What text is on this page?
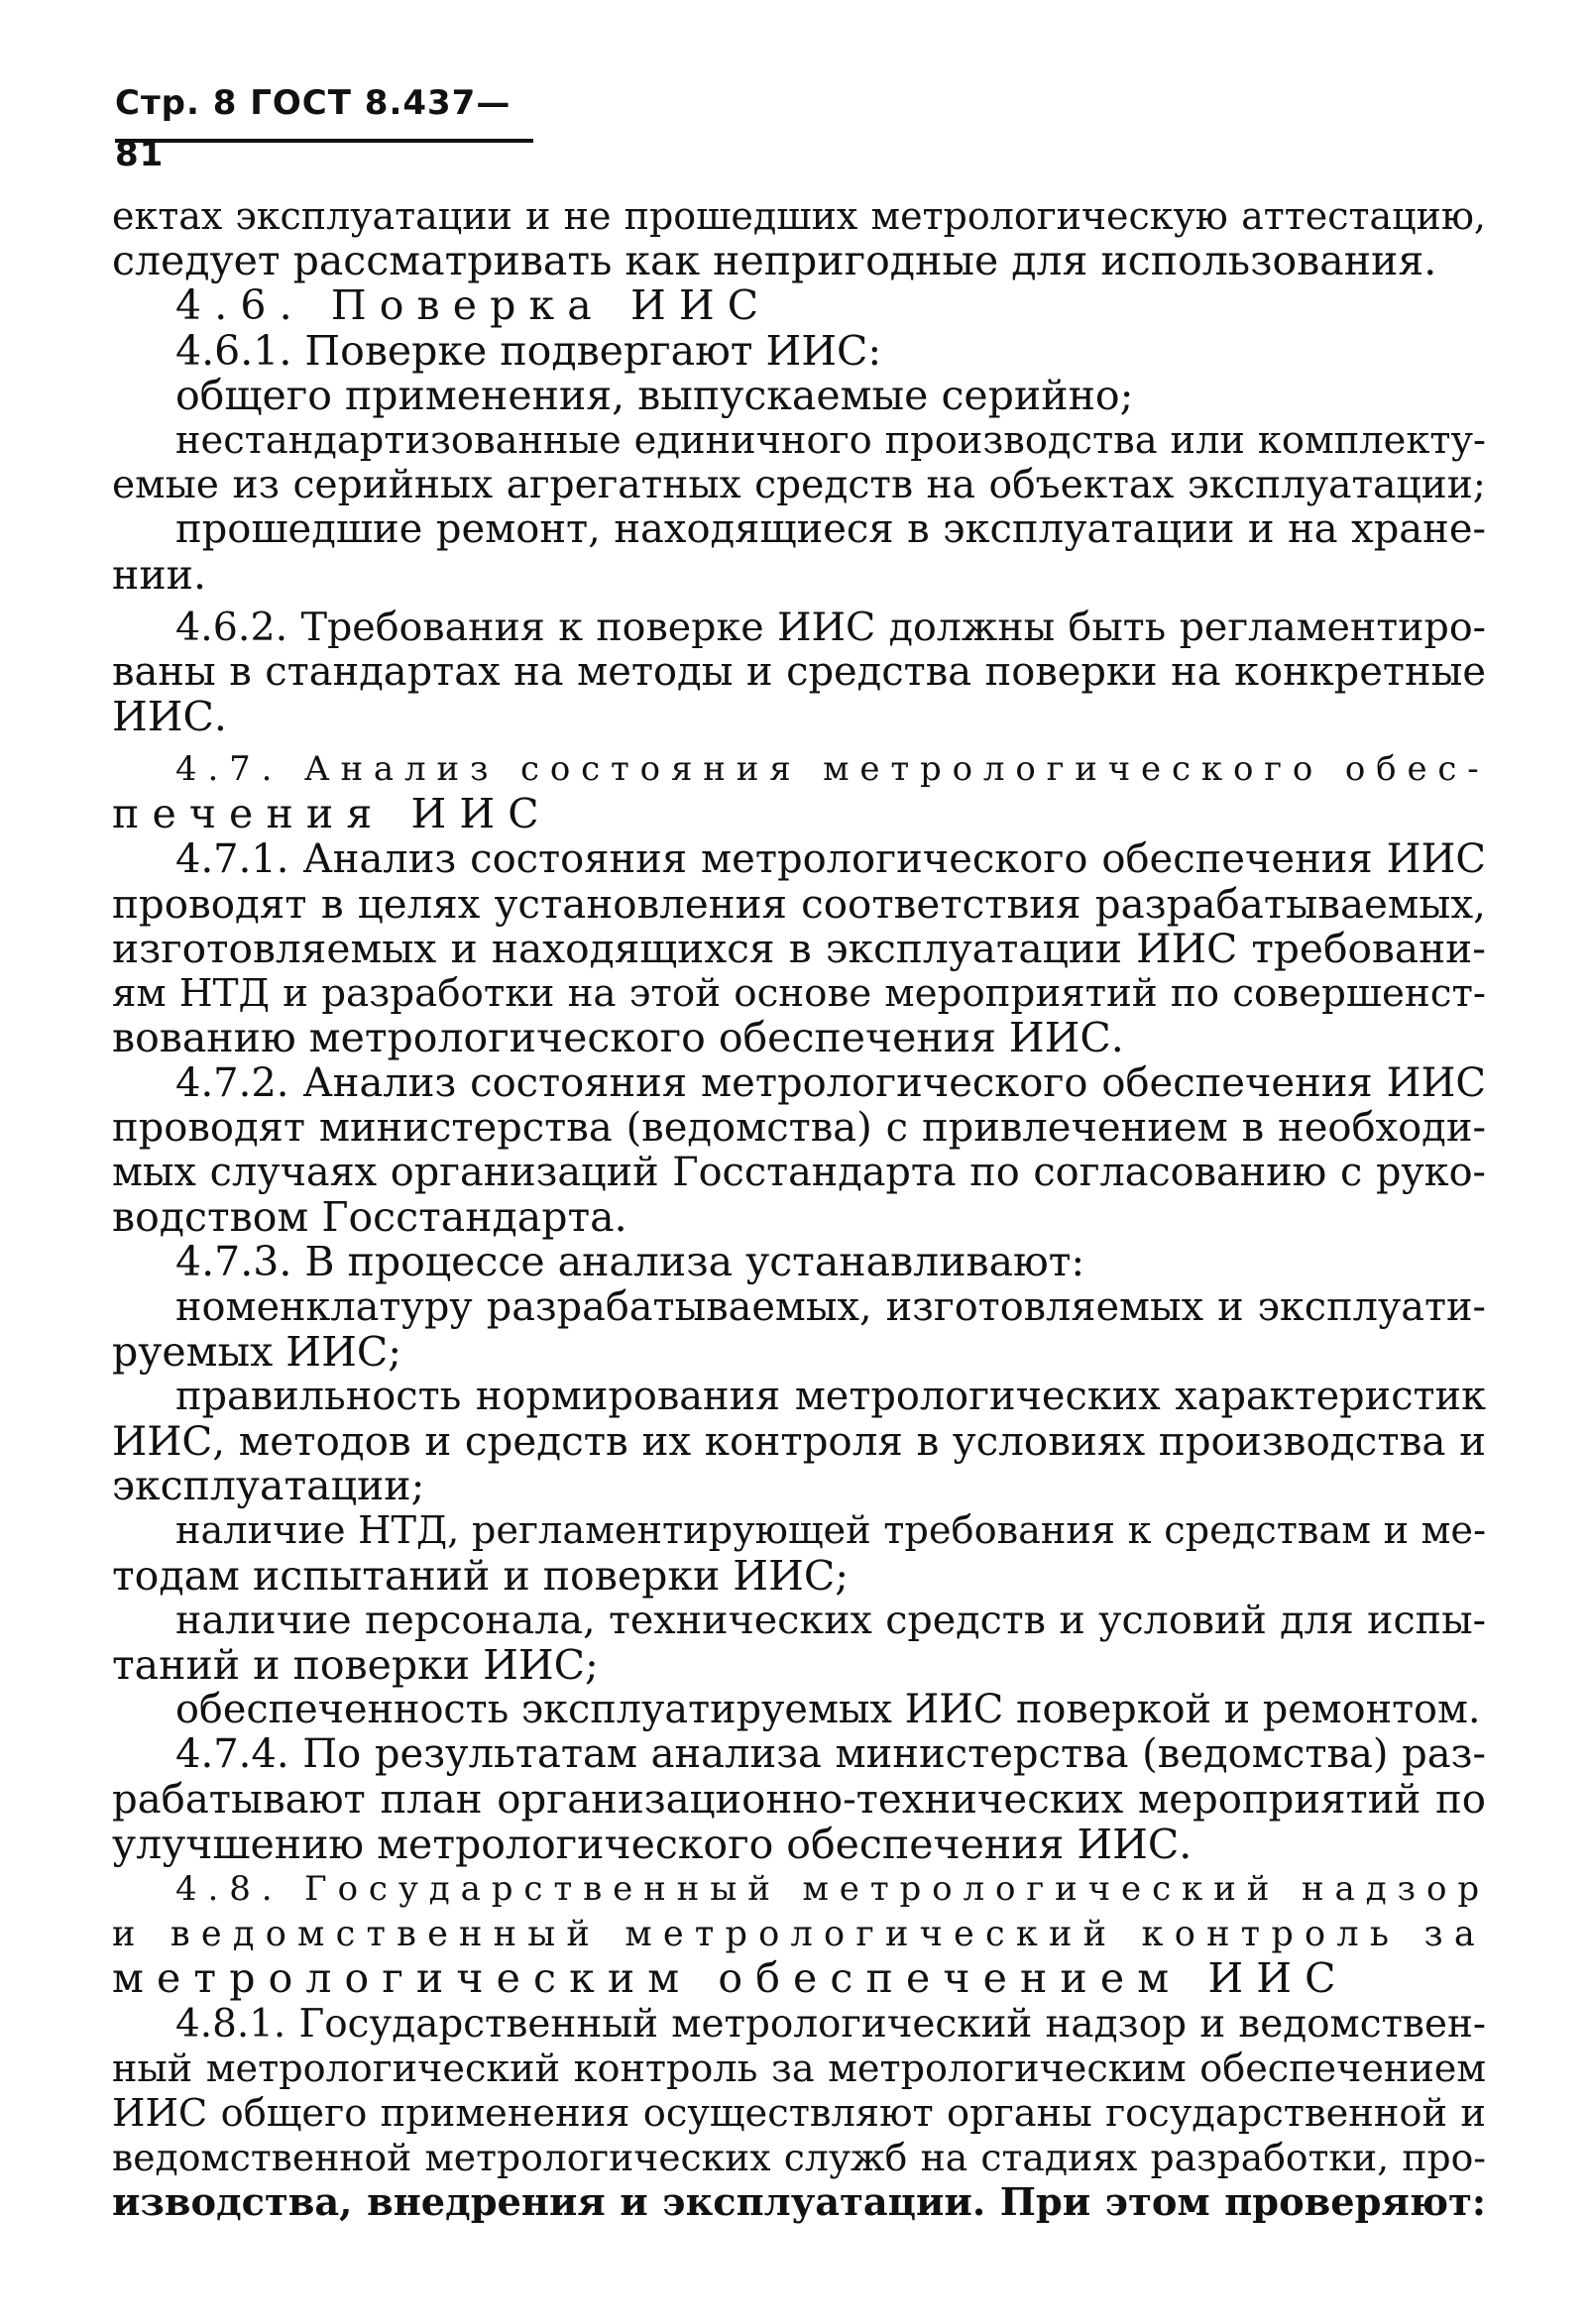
Стр. 8 ГОСТ 8.437—81
ектах эксплуатации и не прошедших метрологическую аттестацию,
следует рассматривать как непригодные для использования.
4.6. Поверка ИИС
4.6.1. Поверке подвергают ИИС:
общего применения, выпускаемые серийно;
нестандартизованные единичного производства или комплекту-
емые из серийных агрегатных средств на объектах эксплуатации;
прошедшие ремонт, находящиеся в эксплуатации и на хране-
нии.
4.6.2. Требования к поверке ИИС должны быть регламентиро-
ваны в стандартах на методы и средства поверки на конкретные
ИИС.
4.7. Анализ состояния метрологического обес-
печения ИИС
4.7.1. Анализ состояния метрологического обеспечения ИИС
проводят в целях установления соответствия разрабатываемых,
изготовляемых и находящихся в эксплуатации ИИС требовани-
ям НТД и разработки на этой основе мероприятий по совершенст-
вованию метрологического обеспечения ИИС.
4.7.2. Анализ состояния метрологического обеспечения ИИС
проводят министерства (ведомства) с привлечением в необходи-
мых случаях организаций Госстандарта по согласованию с руко-
водством Госстандарта.
4.7.3. В процессе анализа устанавливают:
номенклатуру разрабатываемых, изготовляемых и эксплуати-
руемых ИИС;
правильность нормирования метрологических характеристик
ИИС, методов и средств их контроля в условиях производства и
эксплуатации;
наличие НТД, регламентирующей требования к средствам и ме-
тодам испытаний и поверки ИИС;
наличие персонала, технических средств и условий для испы-
таний и поверки ИИС;
обеспеченность эксплуатируемых ИИС поверкой и ремонтом.
4.7.4. По результатам анализа министерства (ведомства) раз-
рабатывают план организационно-технических мероприятий по
улучшению метрологического обеспечения ИИС.
4.8. Государственный метрологический надзор
и ведомственный метрологический контроль за
метрологическим обеспечением ИИС
4.8.1. Государственный метрологический надзор и ведомствен-
ный метрологический контроль за метрологическим обеспечением
ИИС общего применения осуществляют органы государственной и
ведомственной метрологических служб на стадиях разработки, про-
изводства, внедрения и эксплуатации. При этом проверяют:
